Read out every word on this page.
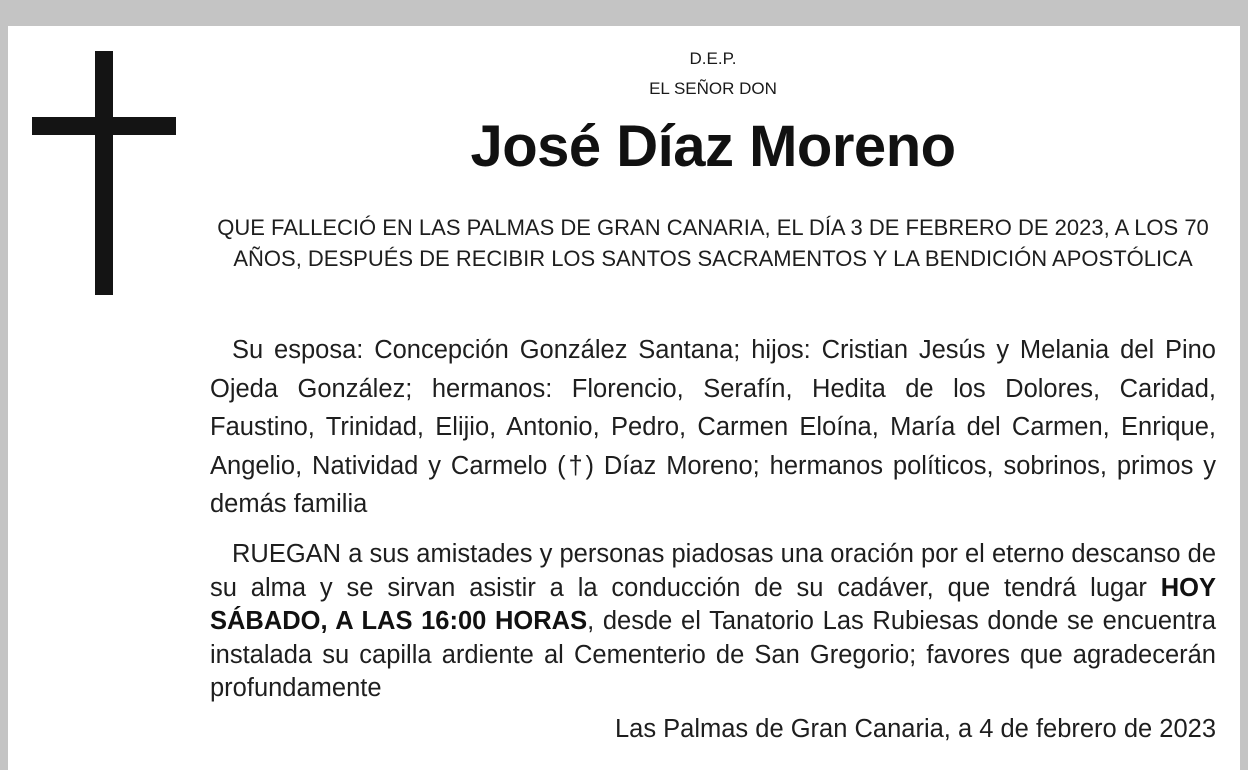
D.E.P.
EL SEÑOR DON
José Díaz Moreno
QUE FALLECIÓ EN LAS PALMAS DE GRAN CANARIA, EL DÍA 3 DE FEBRERO DE 2023, A LOS 70 AÑOS, DESPUÉS DE RECIBIR LOS SANTOS SACRAMENTOS Y LA BENDICIÓN APOSTÓLICA

Su esposa: Concepción González Santana; hijos: Cristian Jesús y Melania del Pino Ojeda González; hermanos: Florencio, Serafín, Hedita de los Dolores, Caridad, Faustino, Trinidad, Elijio, Antonio, Pedro, Carmen Eloína, María del Carmen, Enrique, Angelio, Natividad y Carmelo (†) Díaz Moreno; hermanos políticos, sobrinos, primos y demás familia

RUEGAN a sus amistades y personas piadosas una oración por el eterno descanso de su alma y se sirvan asistir a la conducción de su cadáver, que tendrá lugar HOY SÁBADO, A LAS 16:00 HORAS, desde el Tanatorio Las Rubiesas donde se encuentra instalada su capilla ardiente al Cementerio de San Gregorio; favores que agradecerán profundamente

Las Palmas de Gran Canaria, a 4 de febrero de 2023
